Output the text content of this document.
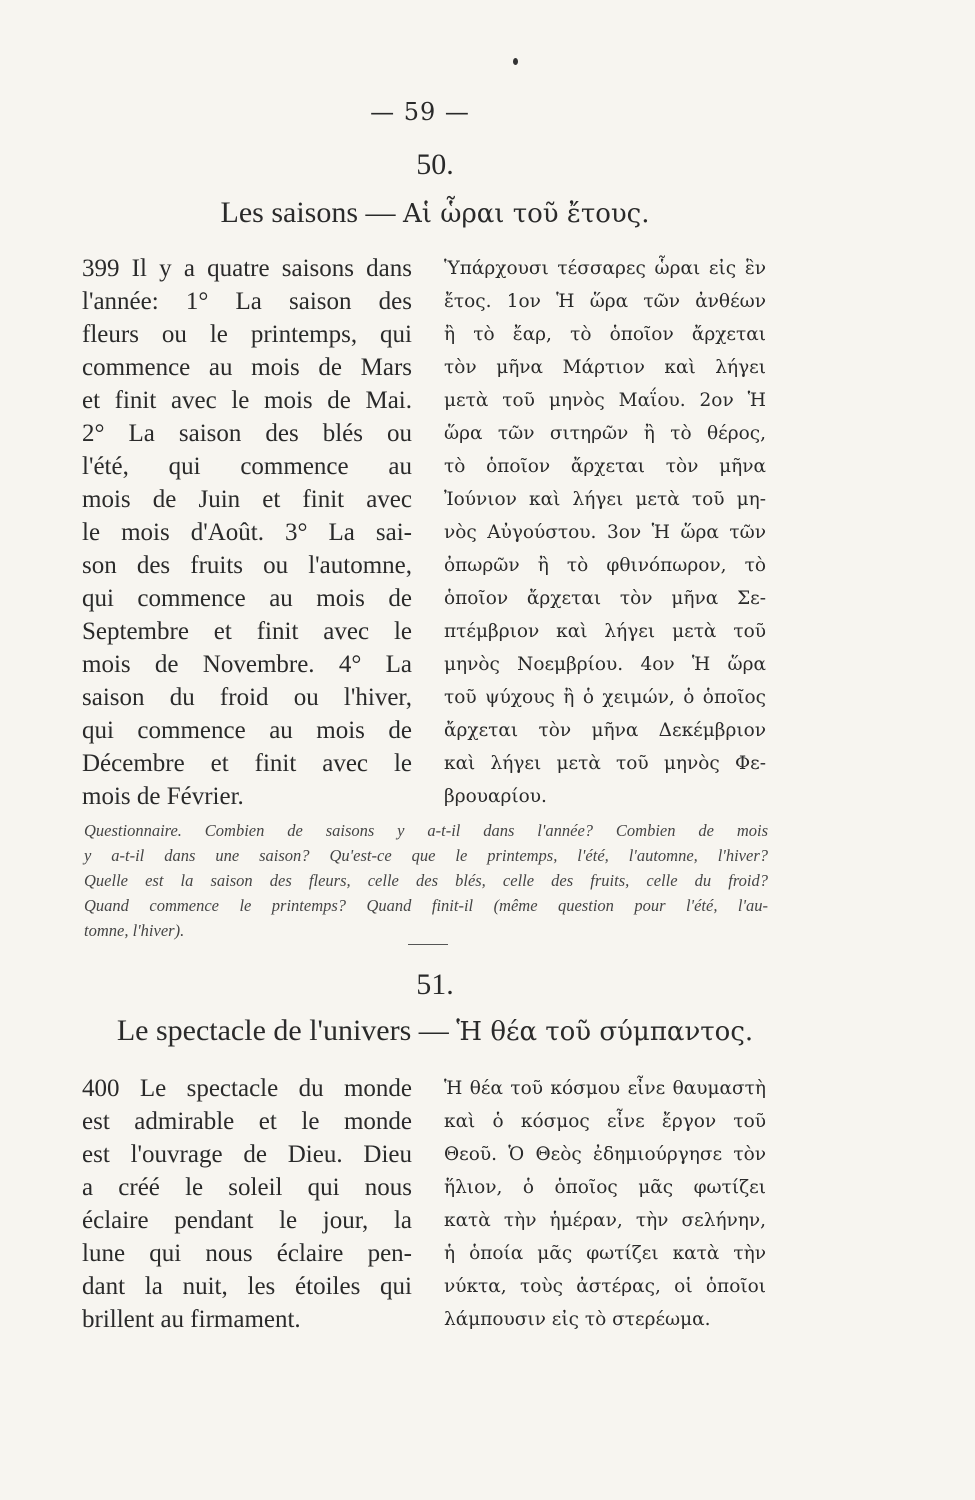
— 59 —
50.
Les saisons — Αἱ ὧραι τοῦ ἔτους.
399 Il y a quatre saisons dans
l'année: 1° La saison des
fleurs ou le printemps, qui
commence au mois de Mars
et finit avec le mois de Mai.
2° La saison des blés ou
l'été, qui commence au
mois de Juin et finit avec
le mois d'Août. 3° La sai-
son des fruits ou l'automne,
qui commence au mois de
Septembre et finit avec le
mois de Novembre. 4° La
saison du froid ou l'hiver,
qui commence au mois de
Décembre et finit avec le
mois de Février.
Ὑπάρχουσι τέσσαρες ὧραι εἰς ἓν
ἔτος. 1ον Ἡ ὥρα τῶν ἀνθέων
ἢ τὸ ἔαρ, τὸ ὁποῖον ἄρχεται
τὸν μῆνα Μάρτιον καὶ λήγει
μετὰ τοῦ μηνὸς Μαΐου. 2ον Ἡ
ὥρα τῶν σιτηρῶν ἢ τὸ θέρος,
τὸ ὁποῖον ἄρχεται τὸν μῆνα
Ἰούνιον καὶ λήγει μετὰ τοῦ μη-
νὸς Αὐγούστου. 3ον Ἡ ὥρα τῶν
ὀπωρῶν ἢ τὸ φθινόπωρον, τὸ
ὁποῖον ἄρχεται τὸν μῆνα Σε-
πτέμβριον καὶ λήγει μετὰ τοῦ
μηνὸς Νοεμβρίου. 4ον Ἡ ὥρα
τοῦ ψύχους ἢ ὁ χειμών, ὁ ὁποῖος
ἄρχεται τὸν μῆνα Δεκέμβριον
καὶ λήγει μετὰ τοῦ μηνὸς Φε-
βρουαρίου.
Questionnaire. Combien de saisons y a-t-il dans l'année? Combien de mois
y a-t-il dans une saison? Qu'est-ce que le printemps, l'été, l'automne, l'hiver?
Quelle est la saison des fleurs, celle des blés, celle des fruits, celle du froid?
Quand commence le printemps? Quand finit-il (même question pour l'été, l'au-
tomne, l'hiver).
51.
Le spectacle de l'univers — Ἡ θέα τοῦ σύμπαντος.
400 Le spectacle du monde
est admirable et le monde
est l'ouvrage de Dieu. Dieu
a créé le soleil qui nous
éclaire pendant le jour, la
lune qui nous éclaire pen-
dant la nuit, les étoiles qui
brillent au firmament.
Ἡ θέα τοῦ κόσμου εἶνε θαυμαστὴ
καὶ ὁ κόσμος εἶνε ἔργον τοῦ
Θεοῦ. Ὁ Θεὸς ἐδημιούργησε τὸν
ἥλιον, ὁ ὁποῖος μᾶς φωτίζει
κατὰ τὴν ἡμέραν, τὴν σελήνην,
ἡ ὁποία μᾶς φωτίζει κατὰ τὴν
νύκτα, τοὺς ἀστέρας, οἱ ὁποῖοι
λάμπουσιν εἰς τὸ στερέωμα.
